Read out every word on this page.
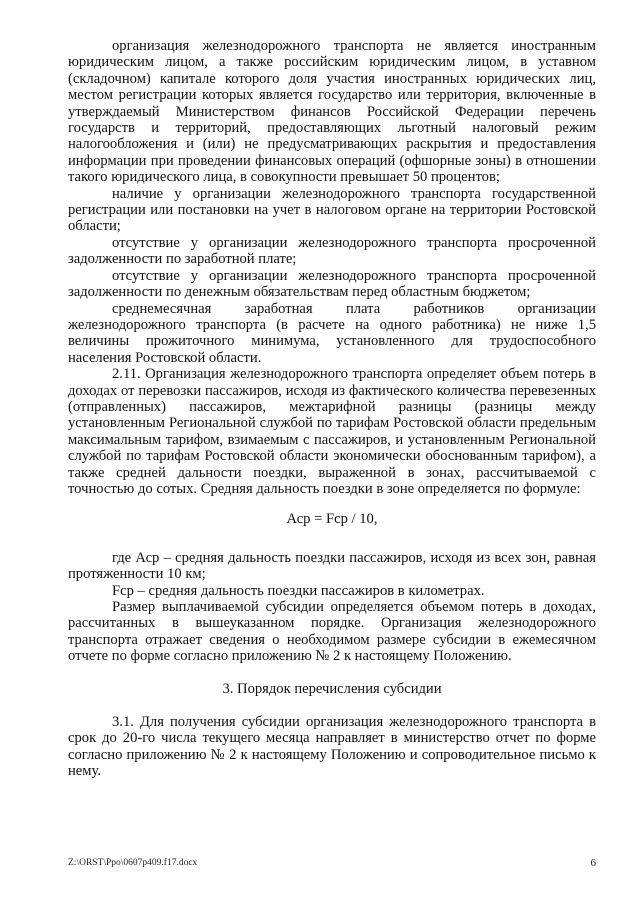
организация железнодорожного транспорта не является иностранным юридическим лицом, а также российским юридическим лицом, в уставном (складочном) капитале которого доля участия иностранных юридических лиц, местом регистрации которых является государство или территория, включенные в утверждаемый Министерством финансов Российской Федерации перечень государств и территорий, предоставляющих льготный налоговый режим налогообложения и (или) не предусматривающих раскрытия и предоставления информации при проведении финансовых операций (офшорные зоны) в отношении такого юридического лица, в совокупности превышает 50 процентов;

наличие у организации железнодорожного транспорта государственной регистрации или постановки на учет в налоговом органе на территории Ростовской области;

отсутствие у организации железнодорожного транспорта просроченной задолженности по заработной плате;

отсутствие у организации железнодорожного транспорта просроченной задолженности по денежным обязательствам перед областным бюджетом;

среднемесячная заработная плата работников организации железнодорожного транспорта (в расчете на одного работника) не ниже 1,5 величины прожиточного минимума, установленного для трудоспособного населения Ростовской области.

2.11. Организация железнодорожного транспорта определяет объем потерь в доходах от перевозки пассажиров, исходя из фактического количества перевезенных (отправленных) пассажиров, межтарифной разницы (разницы между установленным Региональной службой по тарифам Ростовской области предельным максимальным тарифом, взимаемым с пассажиров, и установленным Региональной службой по тарифам Ростовской области экономически обоснованным тарифом), а также средней дальности поездки, выраженной в зонах, рассчитываемой с точностью до сотых. Средняя дальность поездки в зоне определяется по формуле:

Аср = Fср / 10,

где Аср – средняя дальность поездки пассажиров, исходя из всех зон, равная протяженности 10 км;

Fср – средняя дальность поездки пассажиров в километрах.

Размер выплачиваемой субсидии определяется объемом потерь в доходах, рассчитанных в вышеуказанном порядке. Организация железнодорожного транспорта отражает сведения о необходимом размере субсидии в ежемесячном отчете по форме согласно приложению № 2 к настоящему Положению.

3. Порядок перечисления субсидии

3.1. Для получения субсидии организация железнодорожного транспорта в срок до 20-го числа текущего месяца направляет в министерство отчет по форме согласно приложению № 2 к настоящему Положению и сопроводительное письмо к нему.

Z:\ORST\Ppo\0607p409.f17.docx	6
